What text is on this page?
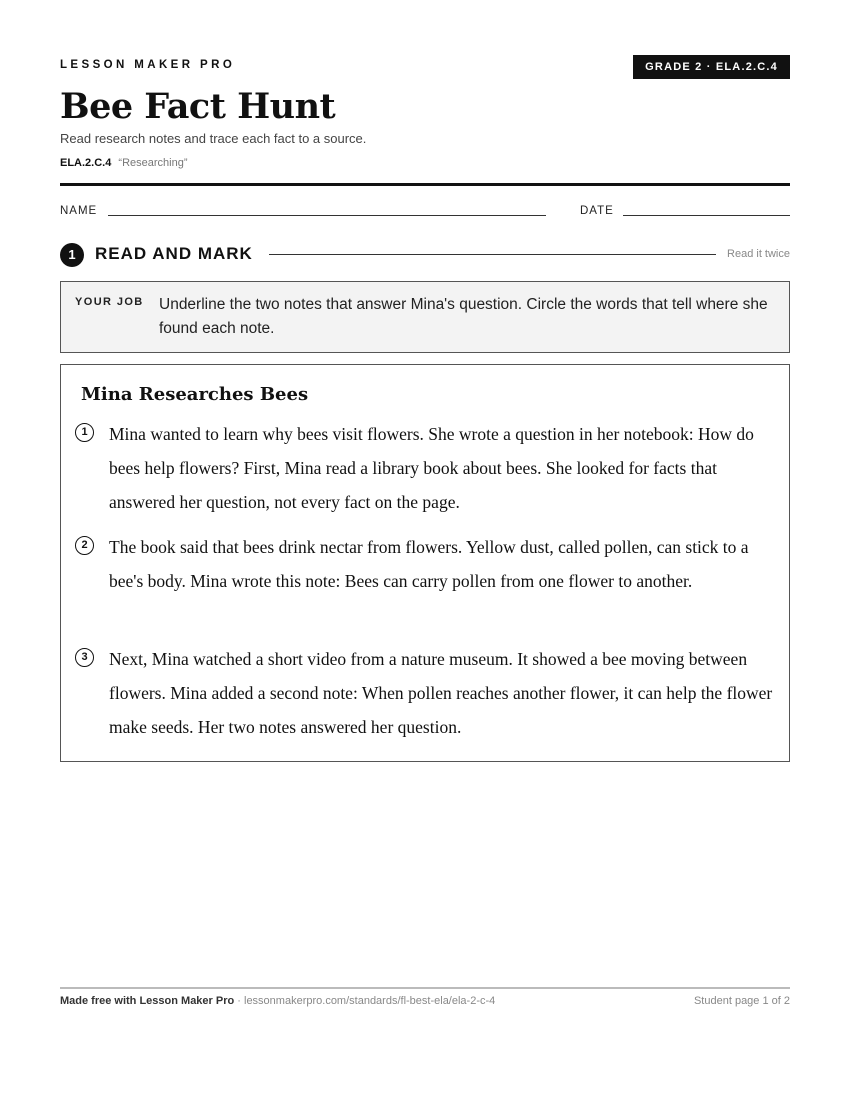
LESSON MAKER PRO	GRADE 2 · ELA.2.C.4
Bee Fact Hunt
Read research notes and trace each fact to a source.
ELA.2.C.4 “Researching”
NAME	DATE
1	READ AND MARK	Read it twice
YOUR JOB Underline the two notes that answer Mina's question. Circle the words that tell where she found each note.
Mina Researches Bees
1	Mina wanted to learn why bees visit flowers. She wrote a question in her notebook: How do bees help flowers? First, Mina read a library book about bees. She looked for facts that answered her question, not every fact on the page.
2	The book said that bees drink nectar from flowers. Yellow dust, called pollen, can stick to a bee's body. Mina wrote this note: Bees can carry pollen from one flower to another.
3	Next, Mina watched a short video from a nature museum. It showed a bee moving between flowers. Mina added a second note: When pollen reaches another flower, it can help the flower make seeds. Her two notes answered her question.
Made free with Lesson Maker Pro · lessonmakerpro.com/standards/fl-best-ela/ela-2-c-4	Student page 1 of 2
